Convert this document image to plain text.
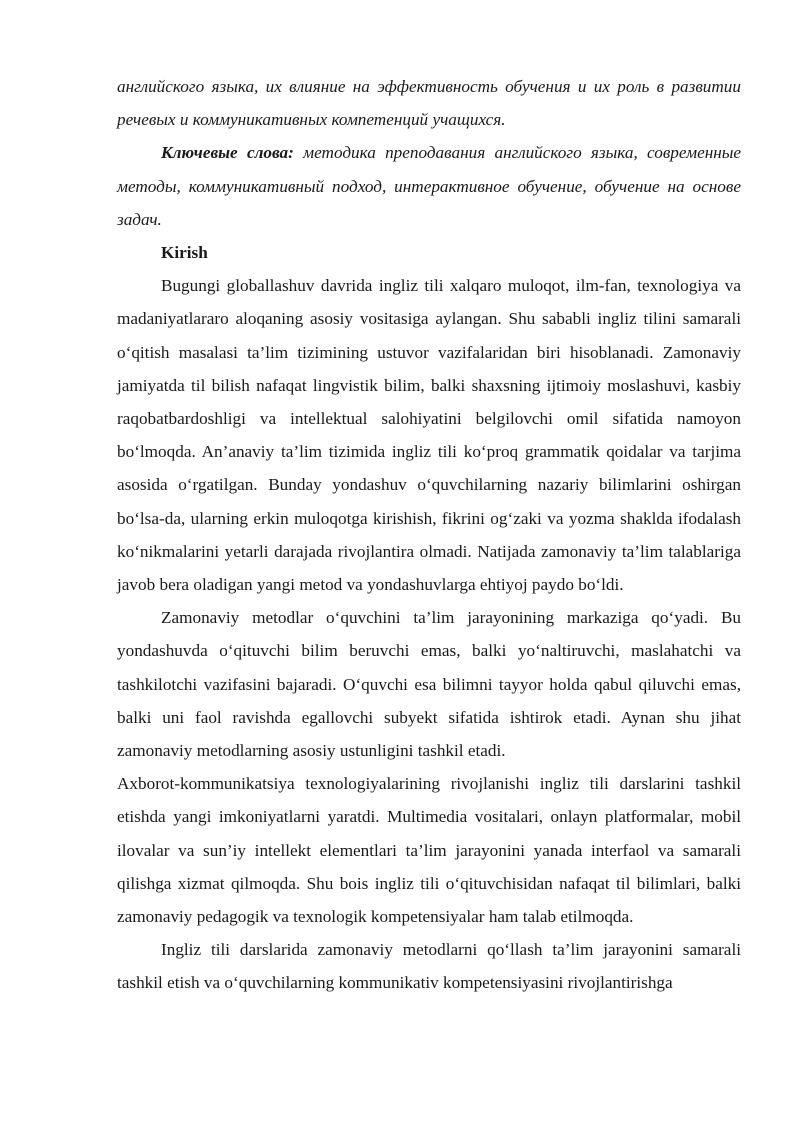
английского языка, их влияние на эффективность обучения и их роль в развитии речевых и коммуникативных компетенций учащихся.

Ключевые слова: методика преподавания английского языка, современные методы, коммуникативный подход, интерактивное обучение, обучение на основе задач.

Kirish

Bugungi globallashuv davrida ingliz tili xalqaro muloqot, ilm-fan, texnologiya va madaniyatlararo aloqaning asosiy vositasiga aylangan. Shu sababli ingliz tilini samarali o‘qitish masalasi ta’lim tizimining ustuvor vazifalaridan biri hisoblanadi. Zamonaviy jamiyatda til bilish nafaqat lingvistik bilim, balki shaxsning ijtimoiy moslashuvi, kasbiy raqobatbardoshligi va intellektual salohiyatini belgilovchi omil sifatida namoyon bo‘lmoqda. An’anaviy ta’lim tizimida ingliz tili ko‘proq grammatik qoidalar va tarjima asosida o‘rgatilgan. Bunday yondashuv o‘quvchilarning nazariy bilimlarini oshirgan bo‘lsa-da, ularning erkin muloqotga kirishish, fikrini og‘zaki va yozma shaklda ifodalash ko‘nikmalarini yetarli darajada rivojlantira olmadi. Natijada zamonaviy ta’lim talablariga javob bera oladigan yangi metod va yondashuvlarga ehtiyoj paydo bo‘ldi.

Zamonaviy metodlar o‘quvchini ta’lim jarayonining markaziga qo‘yadi. Bu yondashuvda o‘qituvchi bilim beruvchi emas, balki yo‘naltiruvchi, maslahatchi va tashkilotchi vazifasini bajaradi. O‘quvchi esa bilimni tayyor holda qabul qiluvchi emas, balki uni faol ravishda egallovchi subyekt sifatida ishtirok etadi. Aynan shu jihat zamonaviy metodlarning asosiy ustunligini tashkil etadi.

Axborot-kommunikatsiya texnologiyalarining rivojlanishi ingliz tili darslarini tashkil etishda yangi imkoniyatlarni yaratdi. Multimedia vositalari, onlayn platformalar, mobil ilovalar va sun’iy intellekt elementlari ta’lim jarayonini yanada interfaol va samarali qilishga xizmat qilmoqda. Shu bois ingliz tili o‘qituvchisidan nafaqat til bilimlari, balki zamonaviy pedagogik va texnologik kompetensiyalar ham talab etilmoqda.

Ingliz tili darslarida zamonaviy metodlarni qo‘llash ta’lim jarayonini samarali tashkil etish va o‘quvchilarning kommunikativ kompetensiyasini rivojlantirishga
